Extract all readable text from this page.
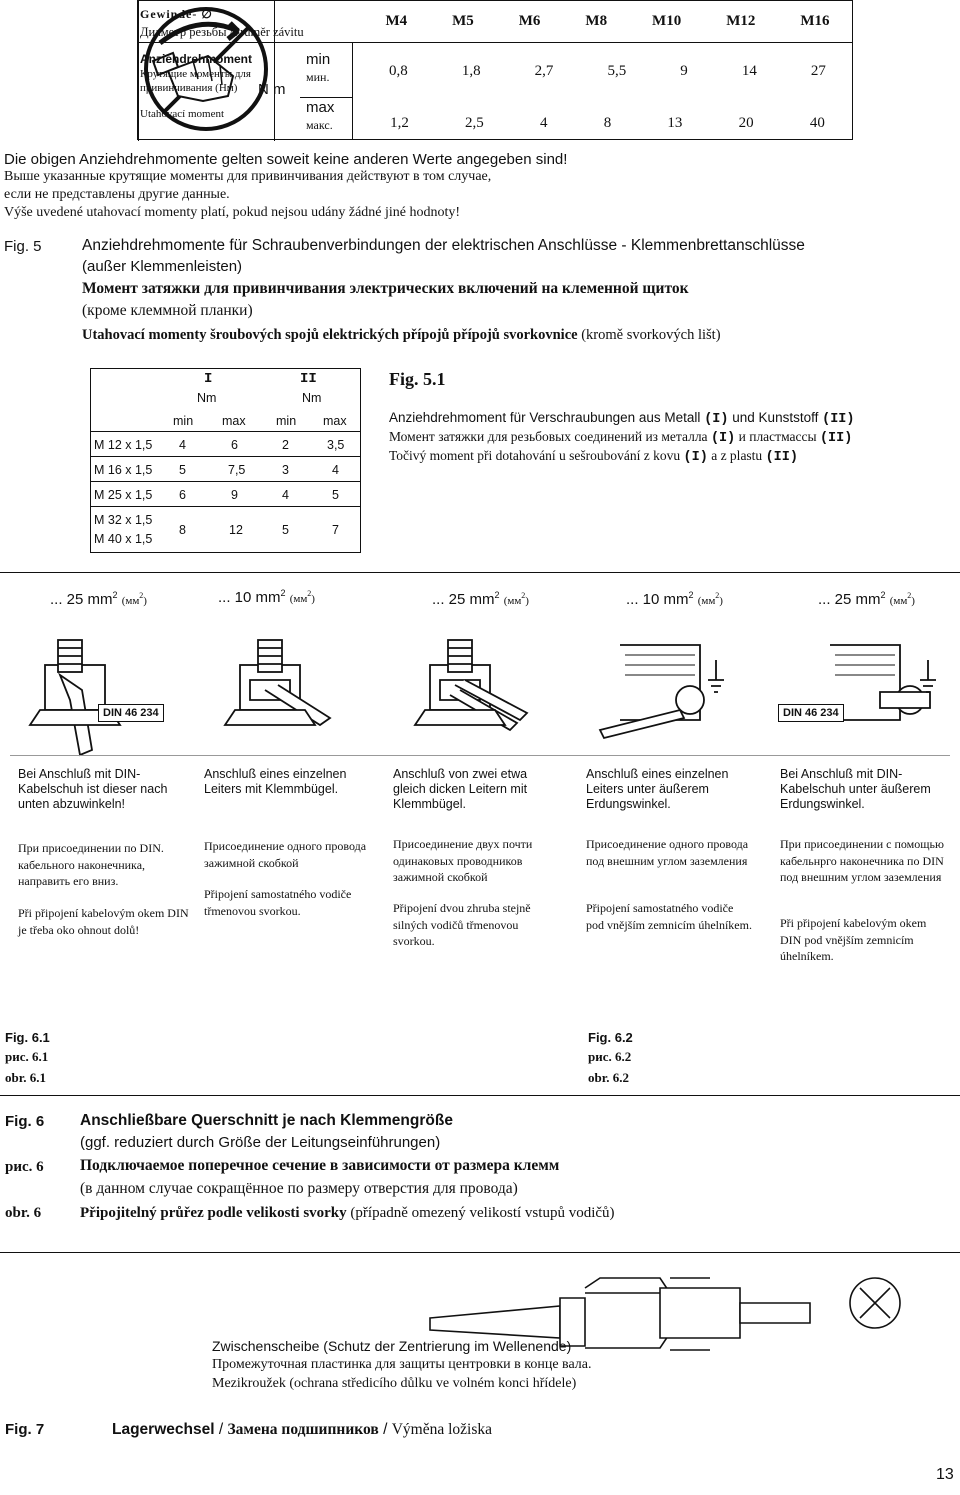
Gewinde- ∅
Диаметр резьбы /Průměr závitu
M4	M5	M6	M8	M10	M12	M16
Anziehdrehmoment
Крутящие моменты для привинчивания (Нм)
Utahovací moment
N m
min
мин.
max
макс.
0,8	1,8	2,7	5,5	9	14	27
1,2	2,5	4	8	13	20	40
Die obigen Anziehdrehmomente gelten soweit keine anderen Werte angegeben sind!
Выше указанные крутящие моменты для привинчивания действуют в том случае,
если не представлены другие данные.
Výše uvedené utahovací momenty platí, pokud nejsou udány žádné jiné hodnoty!
Fig. 5	Anziehdrehmomente für Schraubenverbindungen der elektrischen Anschlüsse - Klemmenbrettanschlüsse
(außer Klemmenleisten)
Момент затяжки для привинчивания электрических включений на клеменной щиток
(кроме клеммной планки)
Utahovací momenty šroubových spojů elektrických přípojů přípojů svorkovnice (kromě svorkových lišt)
I	II
Nm	Nm
min max min max
M 12 x 1,5 4	6	2	3,5
M 16 x 1,5 5	7,5	3	4
M 25 x 1,5 6	9	4	5
M 32 x 1,5
M 40 x 1,5
8	12	5	7
Fig. 5.1
Anziehdrehmoment für Verschraubungen aus Metall (I) und Kunststoff (II)
Момент затяжки для резьбовых соединений из металла (I) и пластмассы (II)
Točivý moment při dotahování u sešroubování z kovu (I) a z plastu (II)
... 25 $mm^2$ $(мм^2)$	... 10 $mm^2$ $(мм^2)$	... 25 $mm^2$ $(мм^2)$	... 10 $mm^2$ $(мм^2)$	... 25 $mm^2$ $(мм^2)$
DIN 46 234	DIN 46 234
Bei Anschluß mit DIN- Kabelschuh ist dieser nach unten abzuwinkeln!
Anschluß eines einzelnen Leiters mit Klemmbügel.
Anschluß von zwei etwa gleich dicken Leitern mit Klemmbügel.
Anschluß eines einzelnen Leiters unter äußerem Erdungswinkel.
Bei Anschluß mit DIN- Kabelschuh unter äußerem Erdungswinkel.
При присоединении по DIN. кабельного наконечника, направить его вниз.
Присоединение одного провода зажимной скобкой
Присоединение двух почти одинаковых проводников зажимной скобкой
Присоединение одного провода под внешним углом заземления
При присоединении с помощью кабельнрго наконечника по DIN под внешним углом заземления
Při připojení kabelovým okem DIN je třeba oko ohnout dolů!
Připojení samostatného vodiče třmenovou svorkou.	Připojení dvou zhruba stejně silných vodičů třmenovou svorkou.
Připojení samostatného vodiče pod vnějším zemnicím úhelníkem. Při připojení kabelovým okem DIN pod vnějším zemnicím úhelníkem.
Fig. 6.1
рис. 6.1
obr. 6.1
Fig. 6.2
рис. 6.2
obr. 6.2
Fig. 6
рис. 6
obr. 6
Anschließbare Querschnitt je nach Klemmengröße
(ggf. reduziert durch Größe der Leitungseinführungen)
Подключаемое поперечное сечение в зависимости от размера клемм
(в данном случае сокращённое по размеру отверстия для провода)
Připojitelný průřez podle velikosti svorky (případně omezený velikostí vstupů vodičů)
Zwischenscheibe (Schutz der Zentrierung im Wellenende)
Промежуточная пластинка для защиты центровки в конце вала.
Mezikroužek (ochrana středicího důlku ve volném konci hřídele)
Fig. 7	Lagerwechsel / Замена подшипников / Výměna ložiska
13
